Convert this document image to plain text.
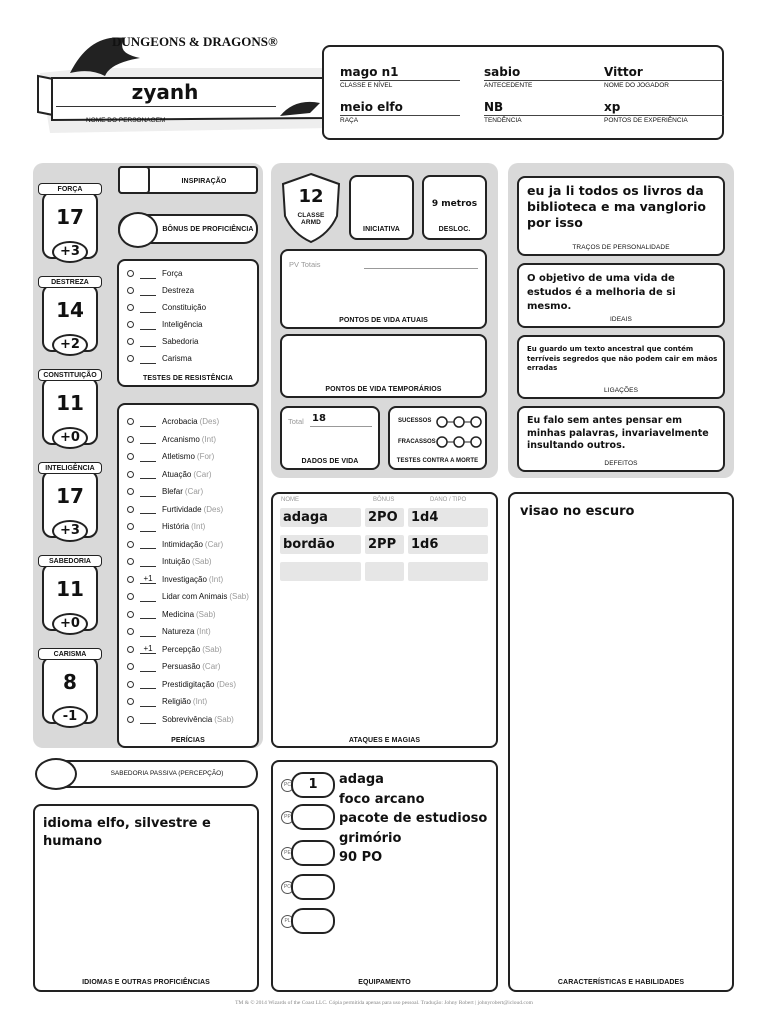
DUNGEONS & DRAGONS®
zyanh
NOME DO PERSONAGEM
mago n1
CLASSE E NÍVEL
sabio
ANTECEDENTE
Vittor
NOME DO JOGADOR
meio elfo
RAÇA
NB
TENDÊNCIA
xp
PONTOS DE EXPERIÊNCIA
FORÇA
17
+3
DESTREZA
14
+2
CONSTITUIÇÃO
11
+0
INTELIGÊNCIA
17
+3
SABEDORIA
11
+0
CARISMA
8
-1
INSPIRAÇÃO
BÔNUS DE PROFICIÊNCIA
Força
Destreza
Constituição
Inteligência
Sabedoria
Carisma
TESTES DE RESISTÊNCIA
Acrobacia (Des)
Arcanismo (Int)
Atletismo (For)
Atuação (Car)
Blefar (Car)
Furtividade (Des)
História (Int)
Intimidação (Car)
Intuição (Sab)
+1	Investigação (Int)
Lidar com Animais (Sab)
Medicina (Sab)
Natureza (Int)
+1	Percepção (Sab)
Persuasão (Car)
Prestidigitação (Des)
Religião (Int)
Sobrevivência (Sab)
PERÍCIAS
12
CLASSE ARMD
INICIATIVA
9 metros
DESLOC.
PV Totais
PONTOS DE VIDA ATUAIS
PONTOS DE VIDA TEMPORÁRIOS
Total 18
DADOS DE VIDA
SUCESSOS
FRACASSOS
TESTES CONTRA A MORTE
eu ja li todos os livros da biblioteca e ma vanglorio por isso
TRAÇOS DE PERSONALIDADE
O objetivo de uma vida de estudos é a melhoria de si mesmo.
IDEAIS
Eu guardo um texto ancestral que contém terríveis segredos que não podem cair em mãos erradas
LIGAÇÕES
Eu falo sem antes pensar em minhas palavras, invariavelmente insultando outros.
DEFEITOS
NOME	BÔNUS	DANO / TIPO
adaga	2PO	1d4
bordão	2PP	1d6
ATAQUES E MAGIAS
visao no escuro
CARACTERÍSTICAS E HABILIDADES
SABEDORIA PASSIVA (PERCEPÇÃO)
idioma elfo, silvestre e humano
IDIOMAS E OUTRAS PROFICIÊNCIAS
PC	1
PP
PE
PO
PL
adaga
foco arcano
pacote de estudioso
grimório
90 PO
EQUIPAMENTO
TM & © 2014 Wizards of the Coast LLC. Cópia permitida apenas para uso pessoal. Tradução: Johny Robert | johnyrobert@icloud.com
